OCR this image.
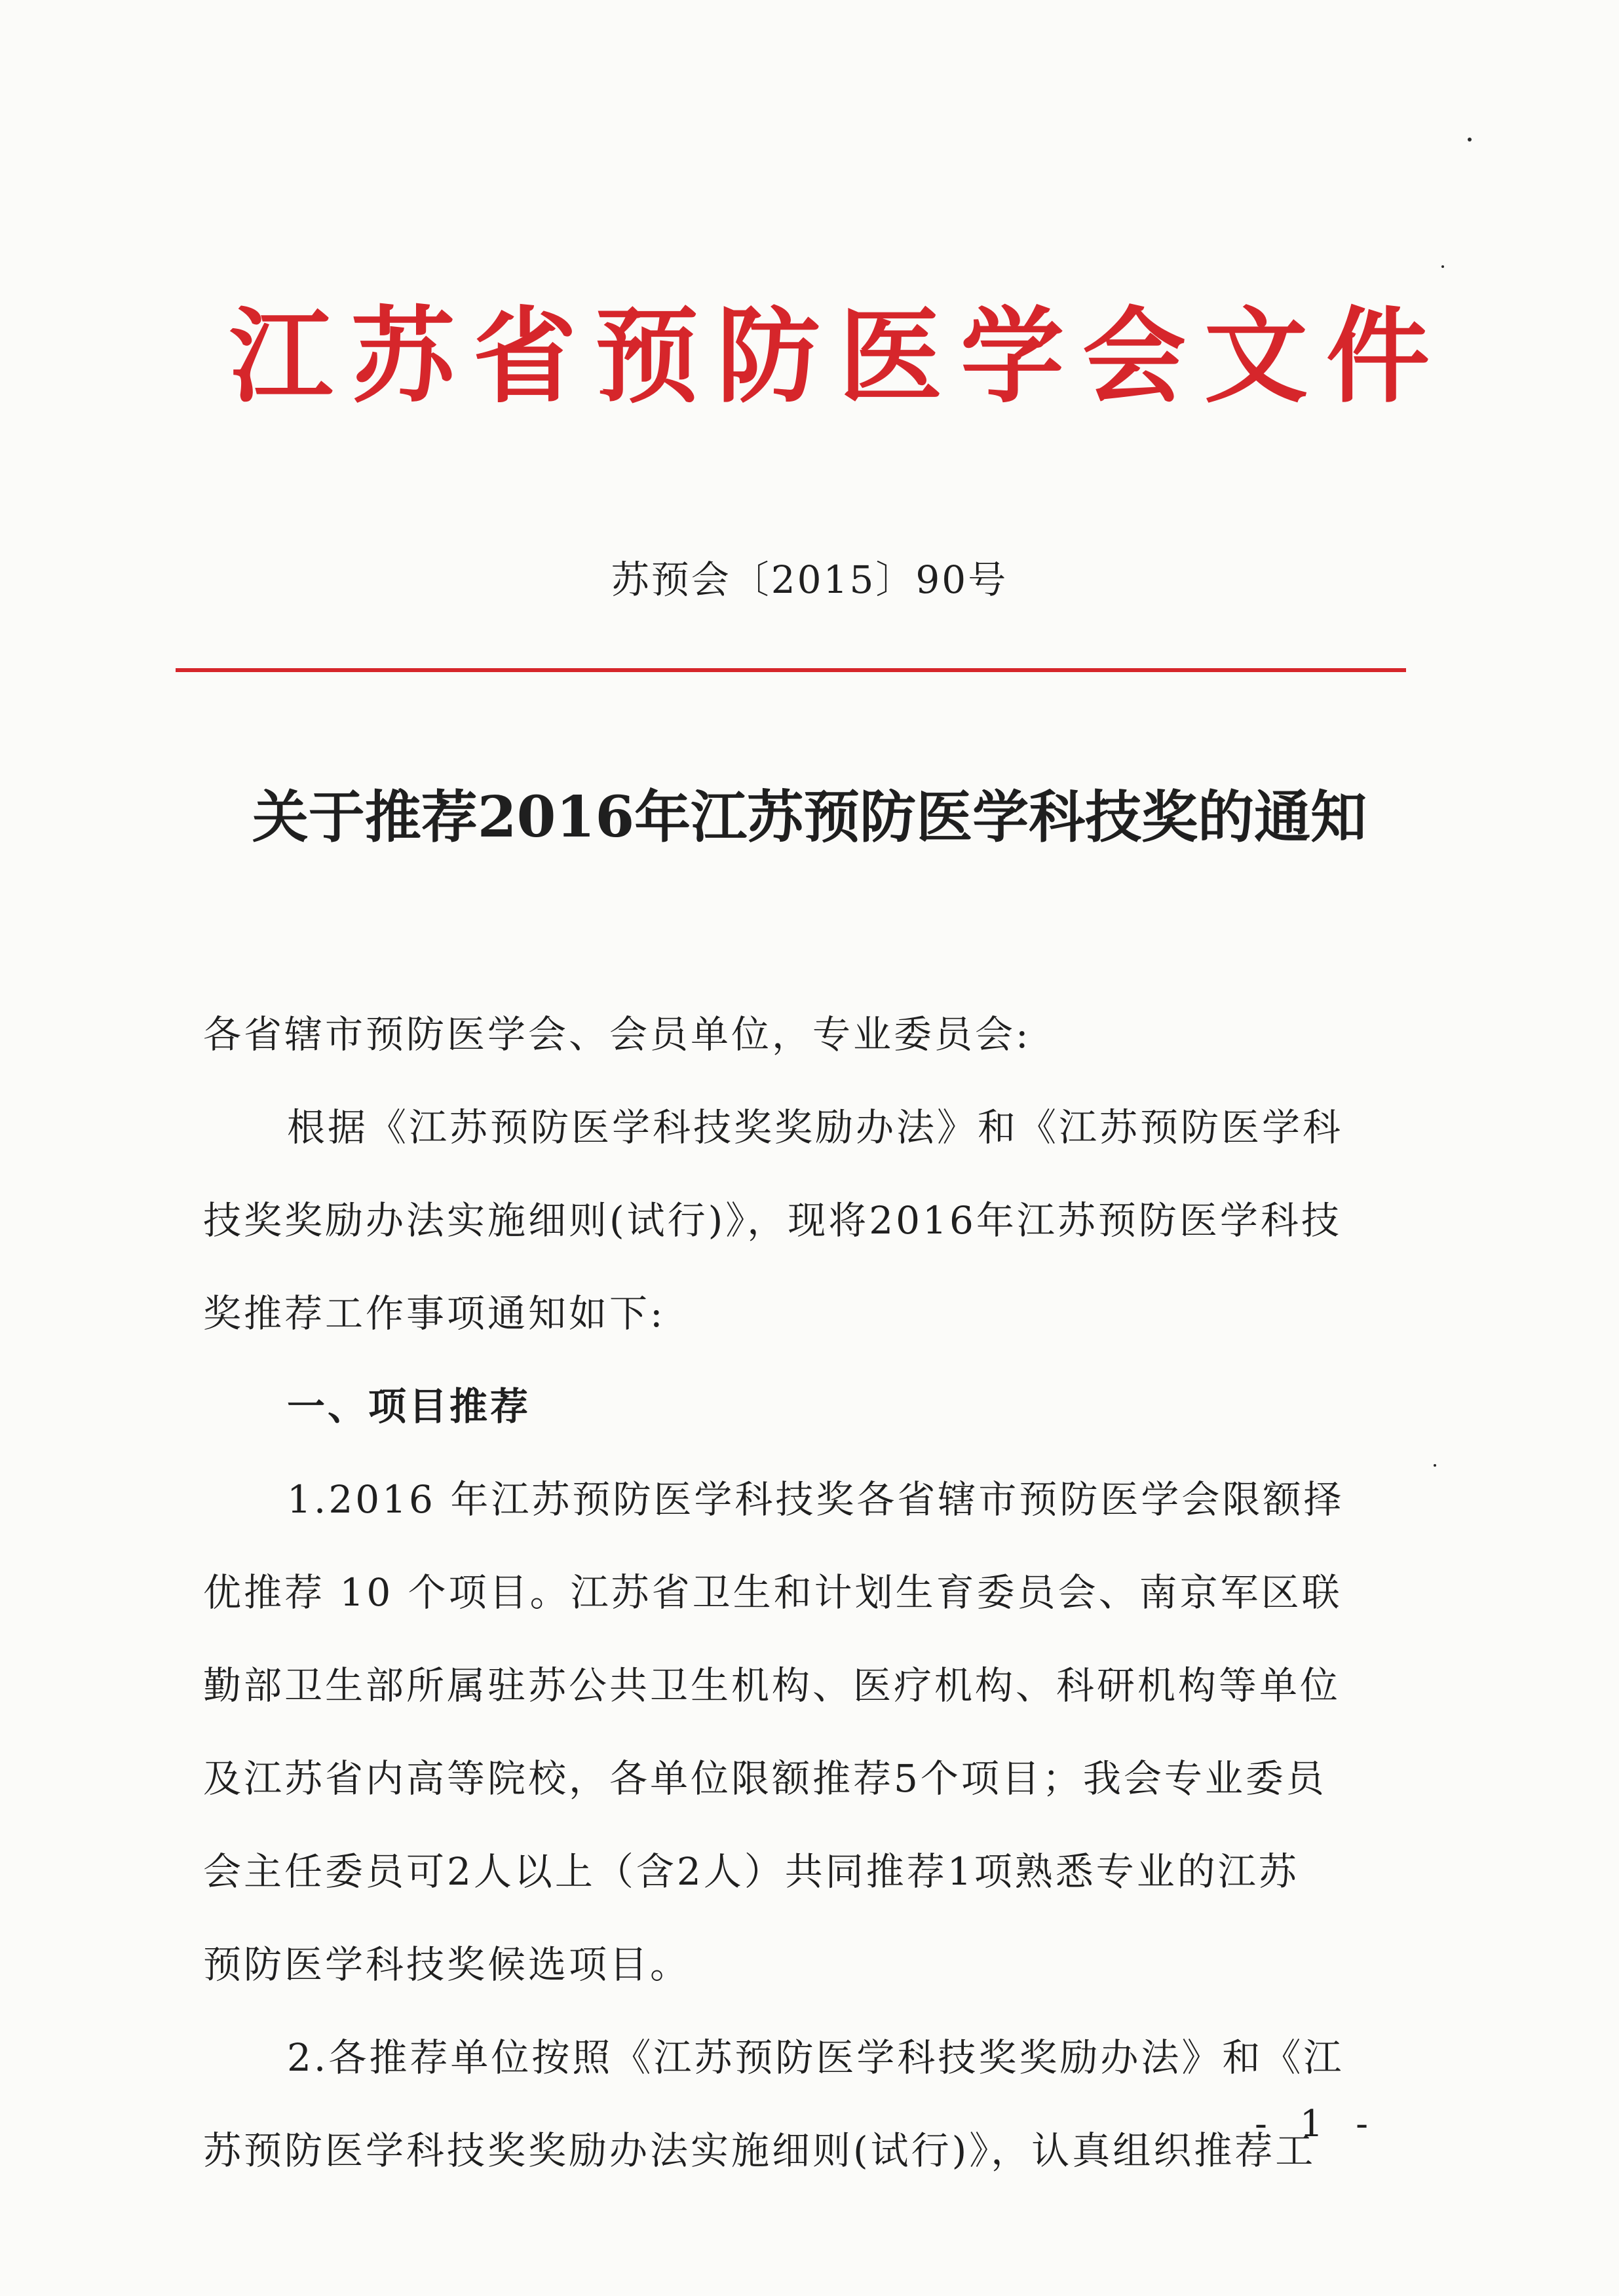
江苏省预防医学会文件
苏预会〔2015〕90号
关于推荐2016年江苏预防医学科技奖的通知
各省辖市预防医学会、会员单位，专业委员会:
根据《江苏预防医学科技奖奖励办法》和《江苏预防医学科
技奖奖励办法实施细则(试行)》，现将2016年江苏预防医学科技
奖推荐工作事项通知如下:
一、项目推荐
1.2016 年江苏预防医学科技奖各省辖市预防医学会限额择
优推荐 10 个项目。江苏省卫生和计划生育委员会、南京军区联
勤部卫生部所属驻苏公共卫生机构、医疗机构、科研机构等单位
及江苏省内高等院校，各单位限额推荐5个项目；我会专业委员
会主任委员可2人以上（含2人）共同推荐1项熟悉专业的江苏
预防医学科技奖候选项目。
2.各推荐单位按照《江苏预防医学科技奖奖励办法》和《江
苏预防医学科技奖奖励办法实施细则(试行)》，认真组织推荐工
- 1 -
